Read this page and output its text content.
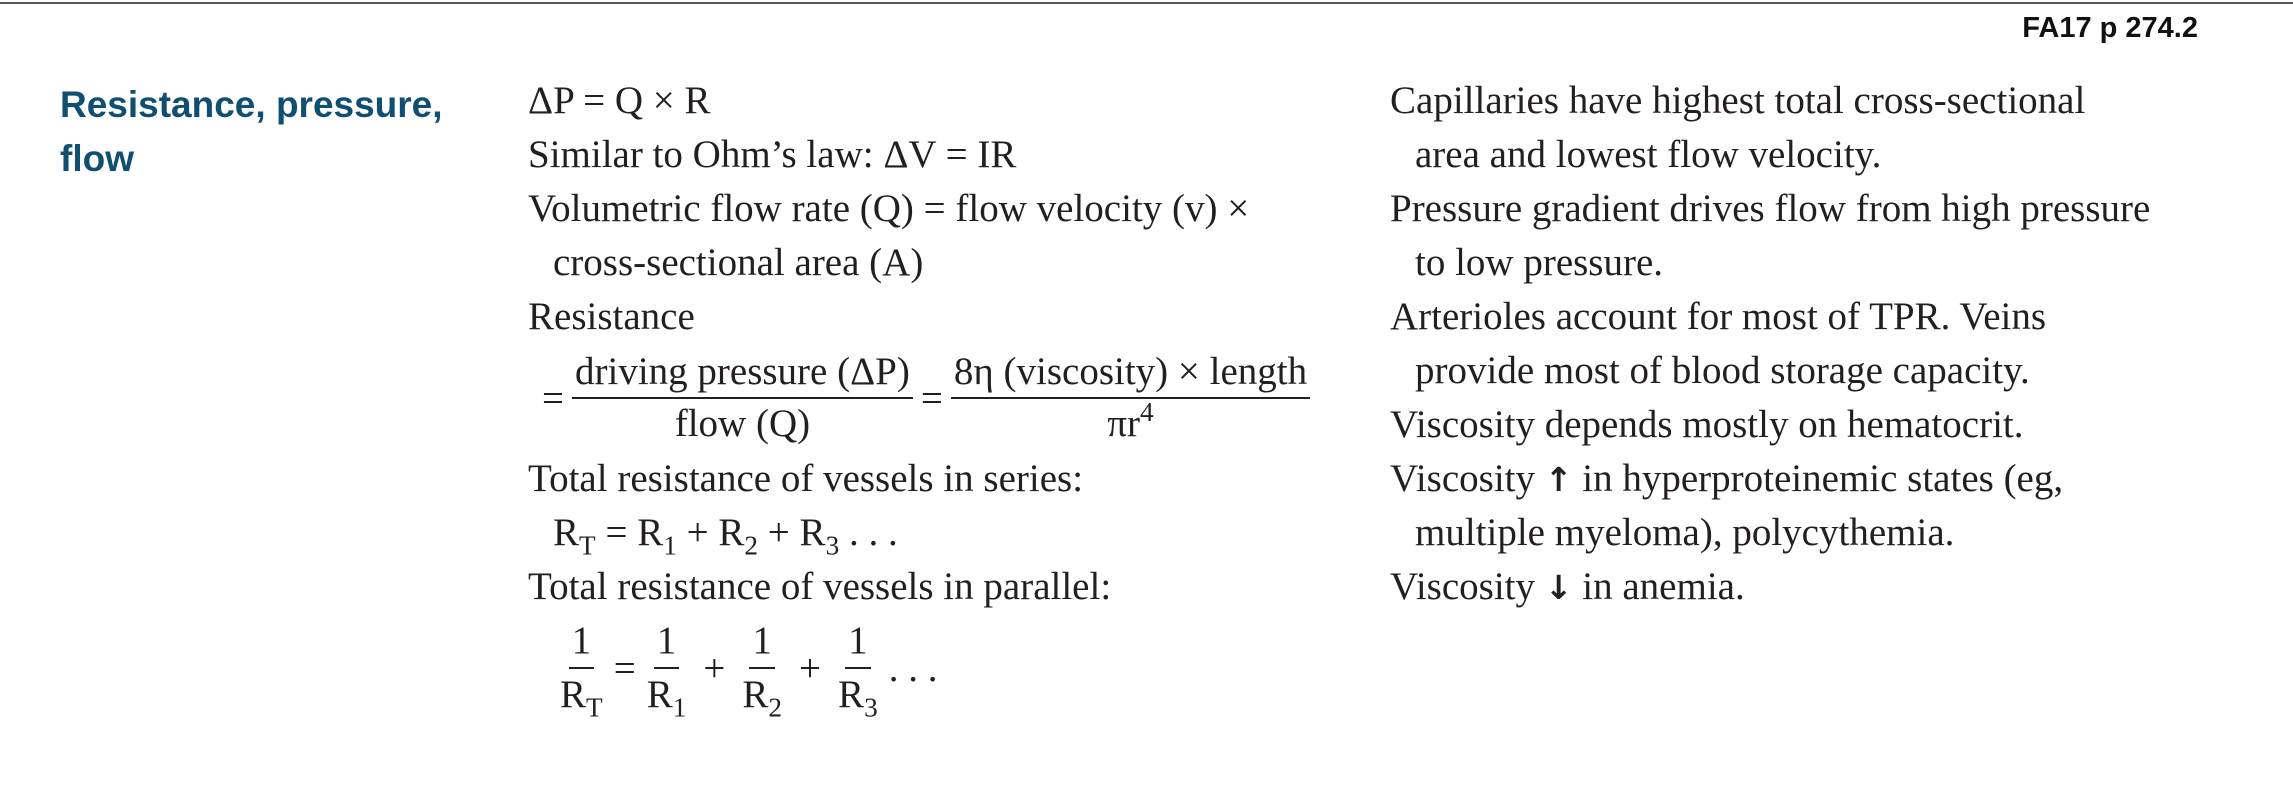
FA17 p 274.2
Resistance, pressure, flow
ΔP = Q × R
Similar to Ohm’s law: ΔV = IR
Volumetric flow rate (Q) = flow velocity (v) ×
cross-sectional area (A)
Resistance
= $\frac{\text{driving pressure (ΔP)}}{\text{flow (Q)}} = \frac{\text{8η (viscosity) × length}}{\pi r^4}$
Total resistance of vessels in series:
$R_T = R_1 + R_2 + R_3$ . . .
Total resistance of vessels in parallel:
$\frac{1}{R_T} = \frac{1}{R_1} + \frac{1}{R_2} + \frac{1}{R_3}$ . . .
Capillaries have highest total cross-sectional
area and lowest flow velocity.
Pressure gradient drives flow from high pressure
to low pressure.
Arterioles account for most of TPR. Veins
provide most of blood storage capacity.
Viscosity depends mostly on hematocrit.
Viscosity ↑ in hyperproteinemic states (eg,
multiple myeloma), polycythemia.
Viscosity ↓ in anemia.
